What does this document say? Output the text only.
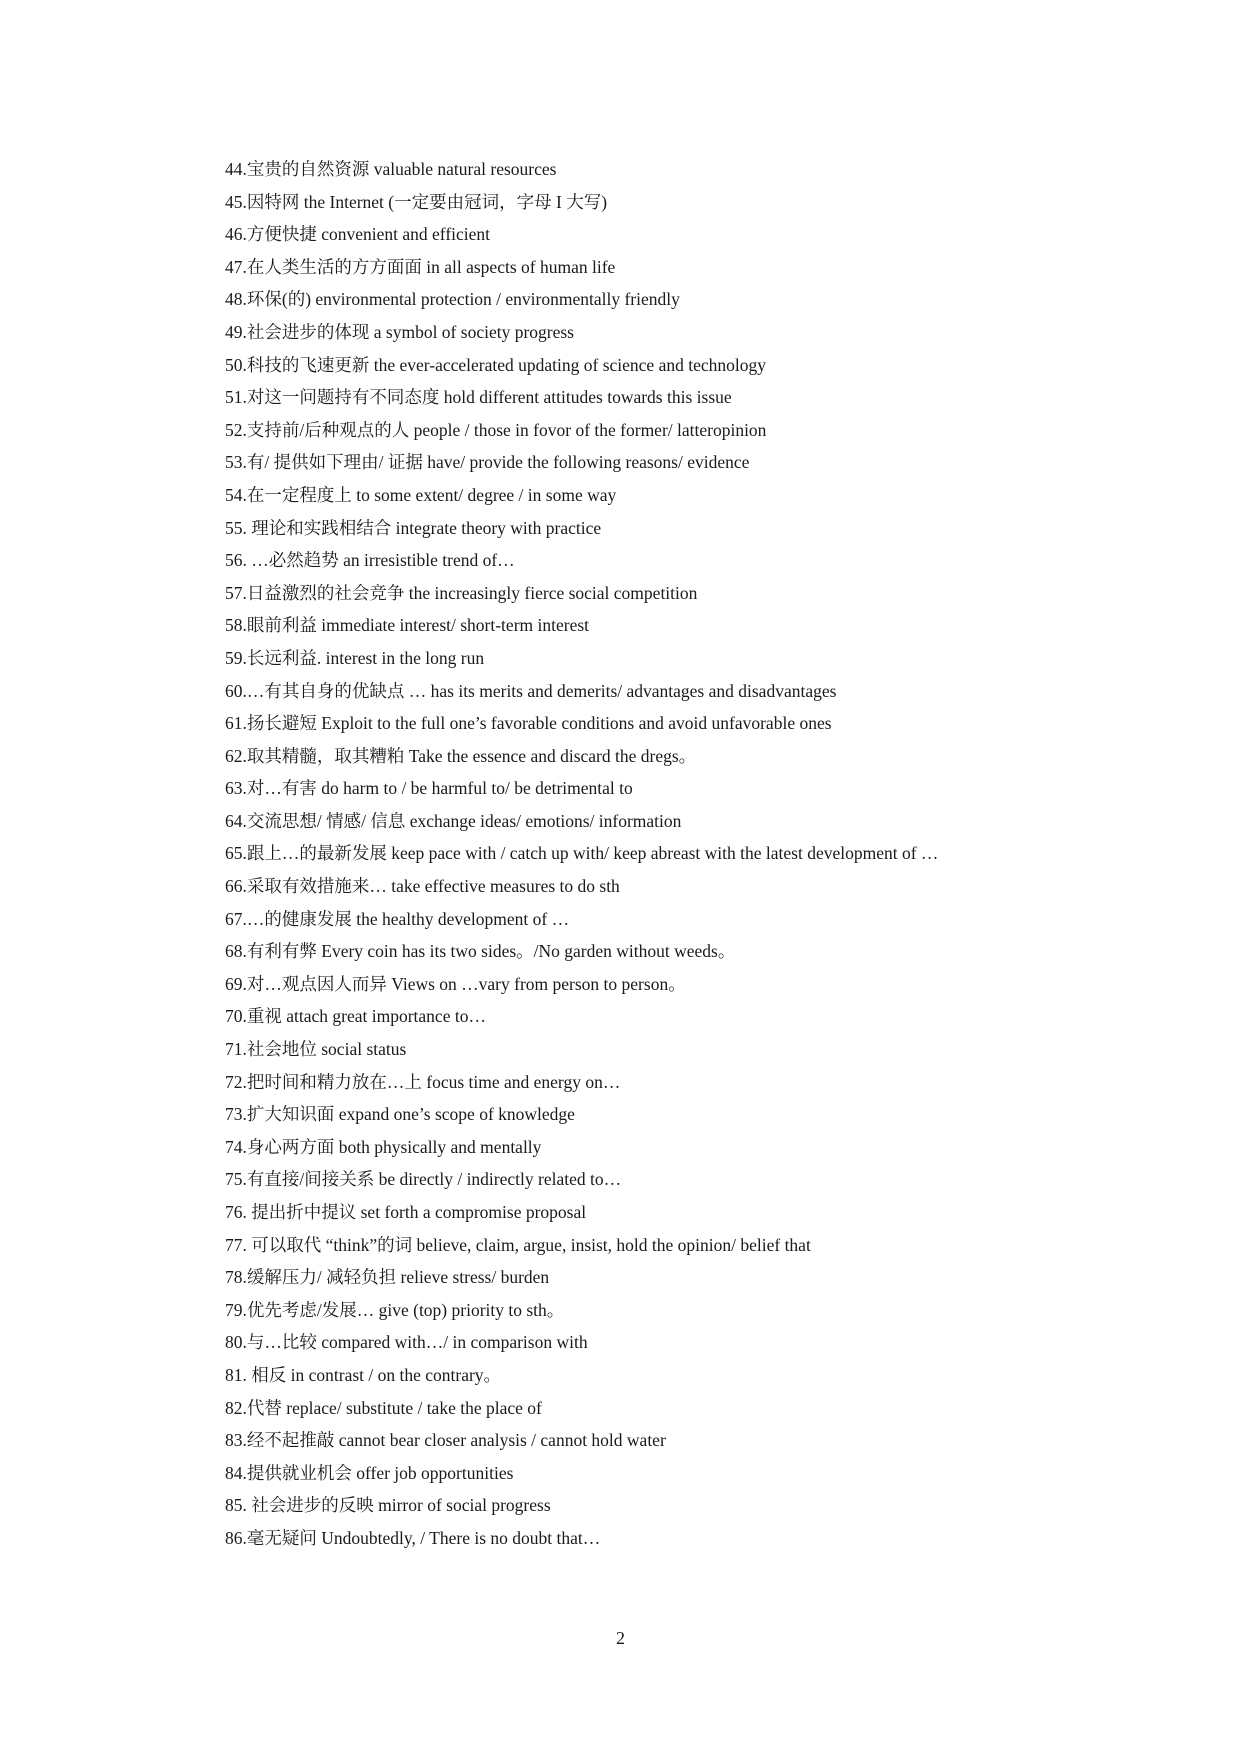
44.宝贵的自然资源 valuable natural resources
45.因特网 the Internet (一定要由冠词，字母 I 大写)
46.方便快捷 convenient and efficient
47.在人类生活的方方面面 in all aspects of human life
48.环保(的) environmental protection / environmentally friendly
49.社会进步的体现 a symbol of society progress
50.科技的飞速更新 the ever-accelerated updating of science and technology
51.对这一问题持有不同态度 hold different attitudes towards this issue
52.支持前/后种观点的人 people / those in fovor of the former/ latteropinion
53.有/ 提供如下理由/ 证据 have/ provide the following reasons/ evidence
54.在一定程度上 to some extent/ degree / in some way
55. 理论和实践相结合 integrate theory with practice
56. …必然趋势 an irresistible trend of…
57.日益激烈的社会竞争 the increasingly fierce social competition
58.眼前利益 immediate interest/ short-term interest
59.长远利益. interest in the long run
60.…有其自身的优缺点 … has its merits and demerits/ advantages and disadvantages
61.扬长避短 Exploit to the full one’s favorable conditions and avoid unfavorable ones
62.取其精髓，取其糟粕 Take the essence and discard the dregs。
63.对…有害 do harm to / be harmful to/ be detrimental to
64.交流思想/ 情感/ 信息 exchange ideas/ emotions/ information
65.跟上…的最新发展 keep pace with / catch up with/ keep abreast with the latest development of …
66.采取有效措施来… take effective measures to do sth
67.…的健康发展 the healthy development of …
68.有利有弊 Every coin has its two sides。/No garden without weeds。
69.对…观点因人而异 Views on …vary from person to person。
70.重视 attach great importance to…
71.社会地位 social status
72.把时间和精力放在…上 focus time and energy on…
73.扩大知识面 expand one’s scope of knowledge
74.身心两方面 both physically and mentally
75.有直接/间接关系 be directly / indirectly related to…
76. 提出折中提议 set forth a compromise proposal
77. 可以取代 “think”的词 believe, claim, argue, insist, hold the opinion/ belief that
78.缓解压力/ 减轻负担 relieve stress/ burden
79.优先考虑/发展… give (top) priority to sth。
80.与…比较 compared with…/ in comparison with
81. 相反 in contrast / on the contrary。
82.代替 replace/ substitute / take the place of
83.经不起推敲 cannot bear closer analysis / cannot hold water
84.提供就业机会 offer job opportunities
85. 社会进步的反映 mirror of social progress
86.毫无疑问 Undoubtedly, / There is no doubt that…
2
